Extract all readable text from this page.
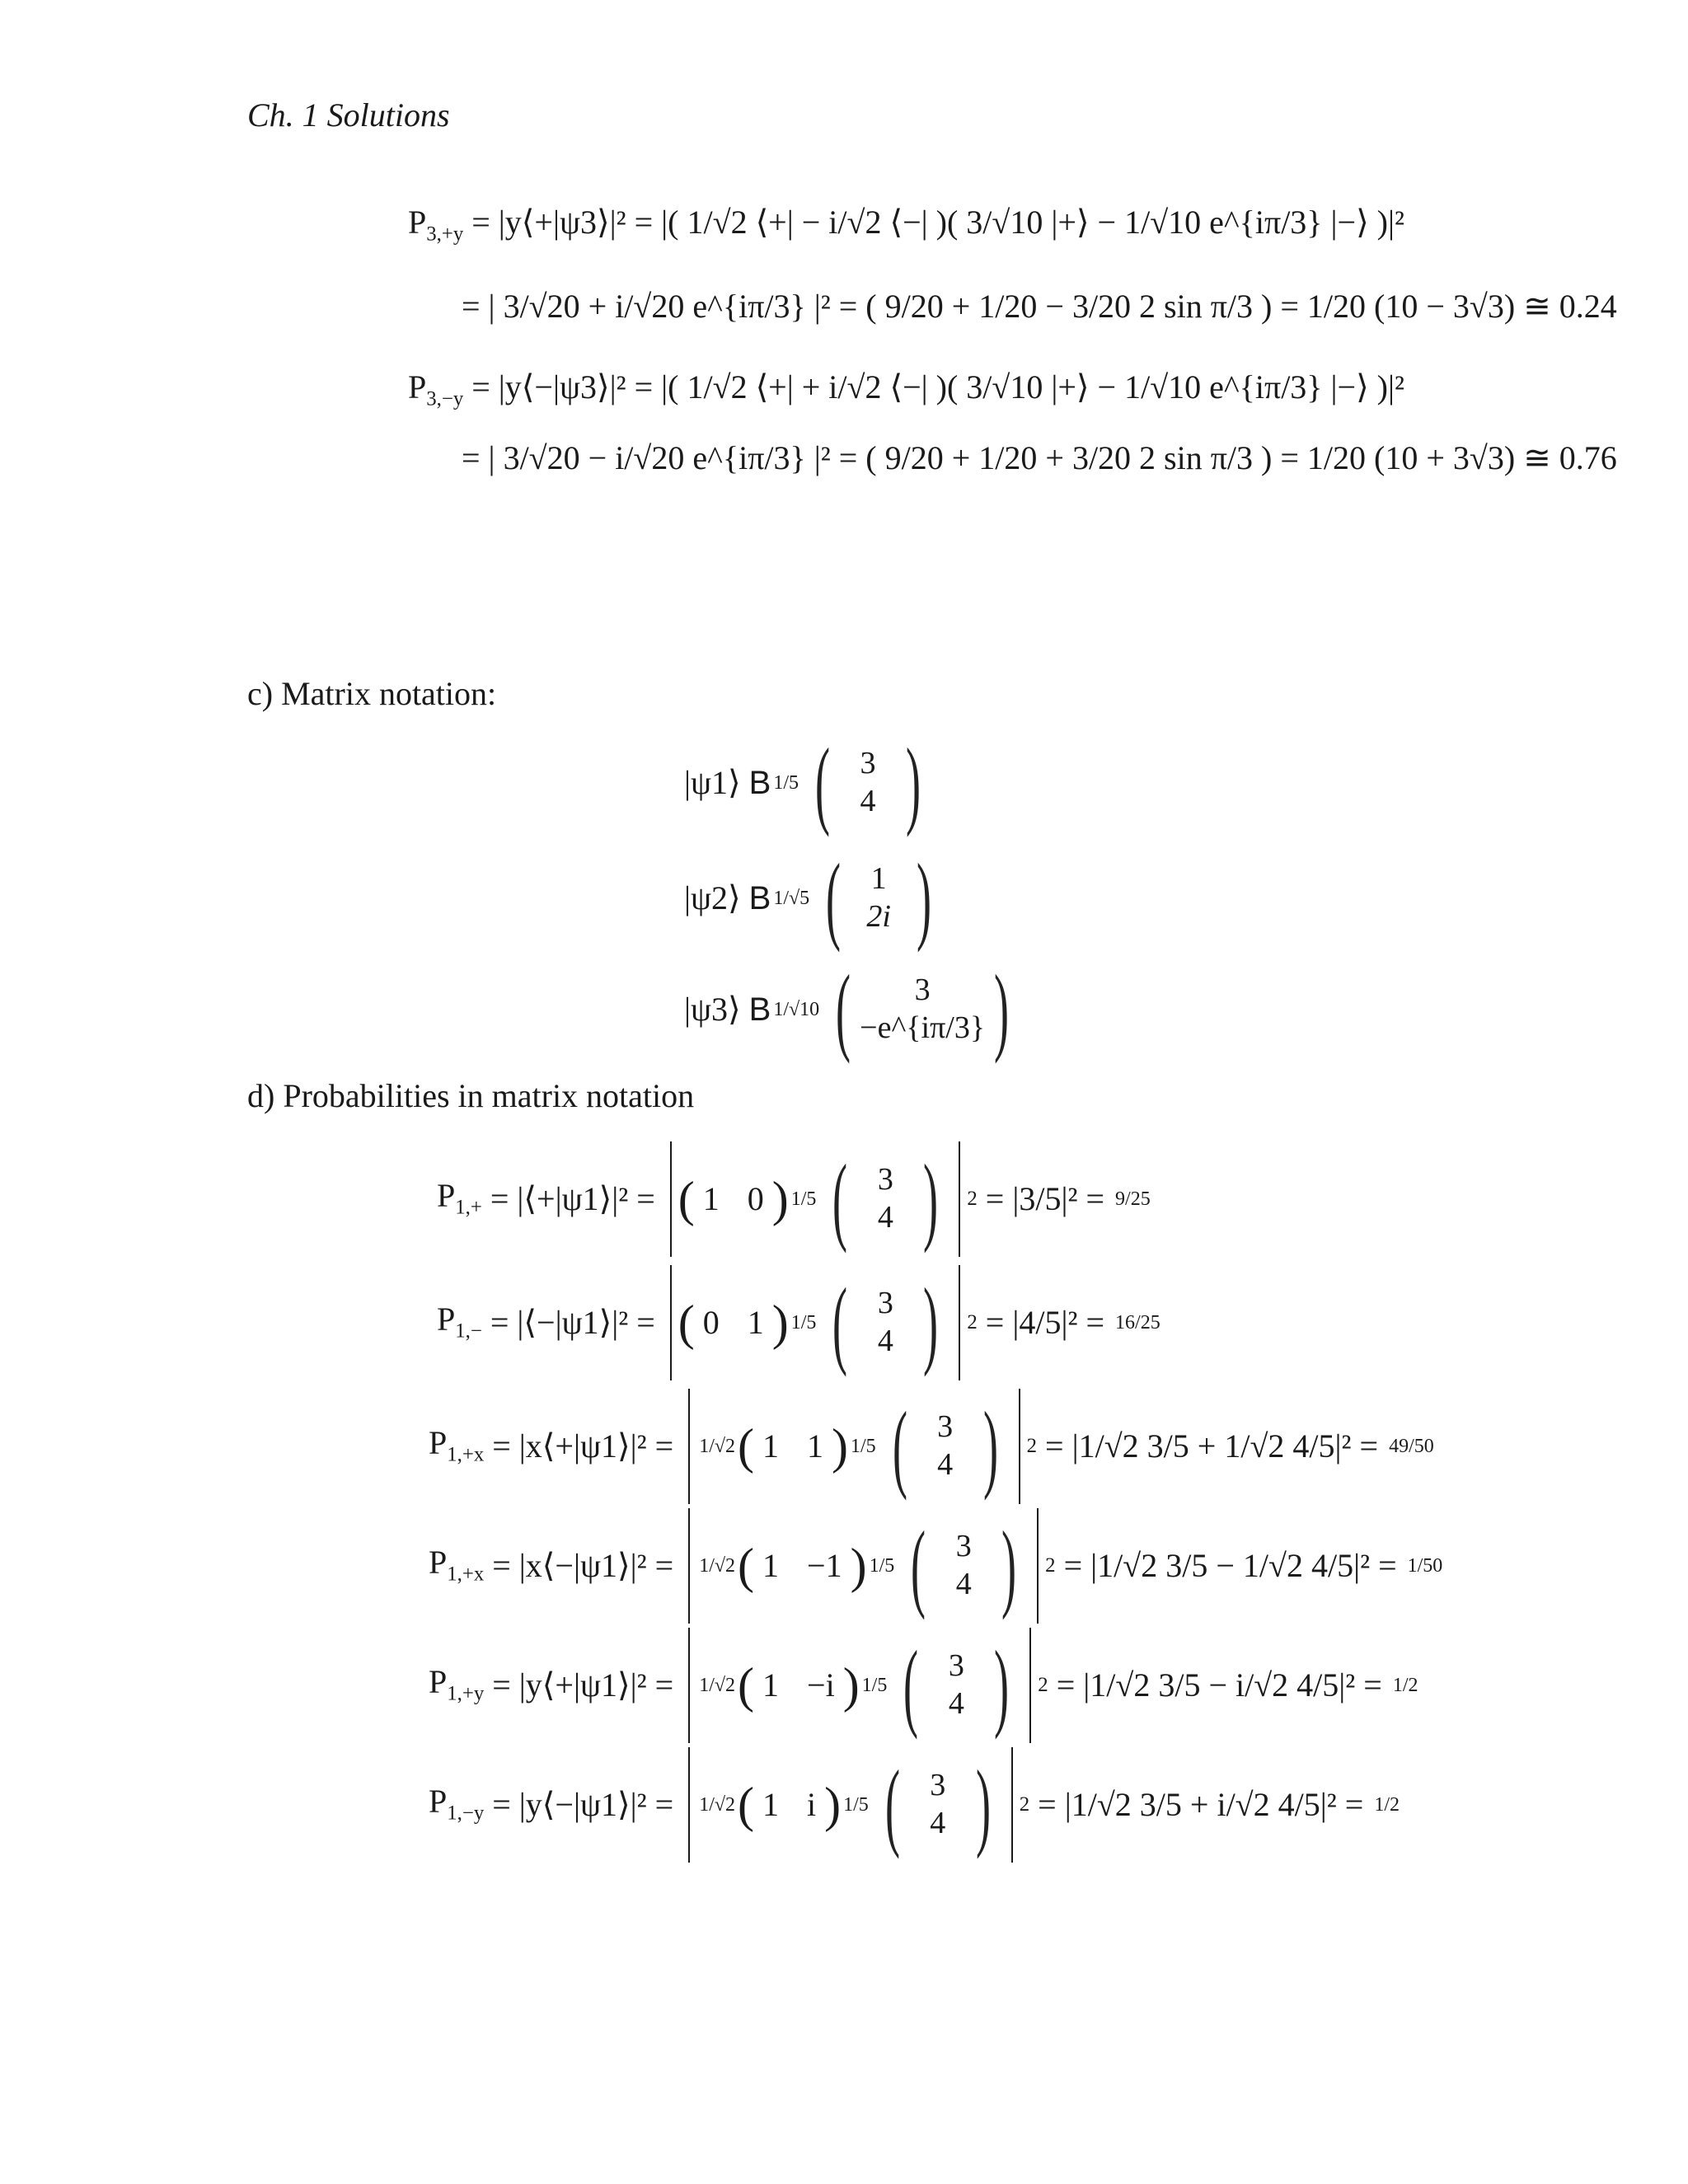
Ch. 1 Solutions
$P_{3,+y}$ = |y⟨+|ψ3⟩|² = |( 1/√2 ⟨+| − i/√2 ⟨−| )( 3/√10 |+⟩ − 1/√10 e^{iπ/3} |−⟩ )|²
= | 3/√20 + i/√20 e^{iπ/3} |² = ( 9/20 + 1/20 − 3/20 2 sin π/3 ) = 1/20 (10 − 3√3) ≅ 0.24
$P_{3,-y}$ = |y⟨−|ψ3⟩|² = |( 1/√2 ⟨+| + i/√2 ⟨−| )( 3/√10 |+⟩ − 1/√10 e^{iπ/3} |−⟩ )|²
= | 3/√20 − i/√20 e^{iπ/3} |² = ( 9/20 + 1/20 + 3/20 2 sin π/3 ) = 1/20 (10 + 3√3) ≅ 0.76
c) Matrix notation:
|ψ1⟩ B 1/5 ( 3
4 )
|ψ2⟩ B 1/√5 ( 1
2i )
|ψ3⟩ B 1/√10 ( 3
−e^{iπ/3} )
d) Probabilities in matrix notation
$P_{1,+}$ = |⟨+|ψ1⟩|² = ( 1 0 ) 1/5 ( 3
4 ) 2 = |3/5|² = 9/25
$P_{1,-}$ = |⟨−|ψ1⟩|² = ( 0 1 ) 1/5 ( 3
4 ) 2 = |4/5|² = 16/25
$P_{1,+x}$ = |x⟨+|ψ1⟩|² = 1/√2 ( 1 1 ) 1/5 ( 3
4 ) 2 = |1/√2 3/5 + 1/√2 4/5|² = 49/50
$P_{1,+x}$ = |x⟨−|ψ1⟩|² = 1/√2 ( 1 −1 ) 1/5 ( 3
4 ) 2 = |1/√2 3/5 − 1/√2 4/5|² = 1/50
$P_{1,+y}$ = |y⟨+|ψ1⟩|² = 1/√2 ( 1 −i ) 1/5 ( 3
4 ) 2 = |1/√2 3/5 − i/√2 4/5|² = 1/2
$P_{1,-y}$ = |y⟨−|ψ1⟩|² = 1/√2 ( 1 i ) 1/5 ( 3
4 ) 2 = |1/√2 3/5 + i/√2 4/5|² = 1/2
